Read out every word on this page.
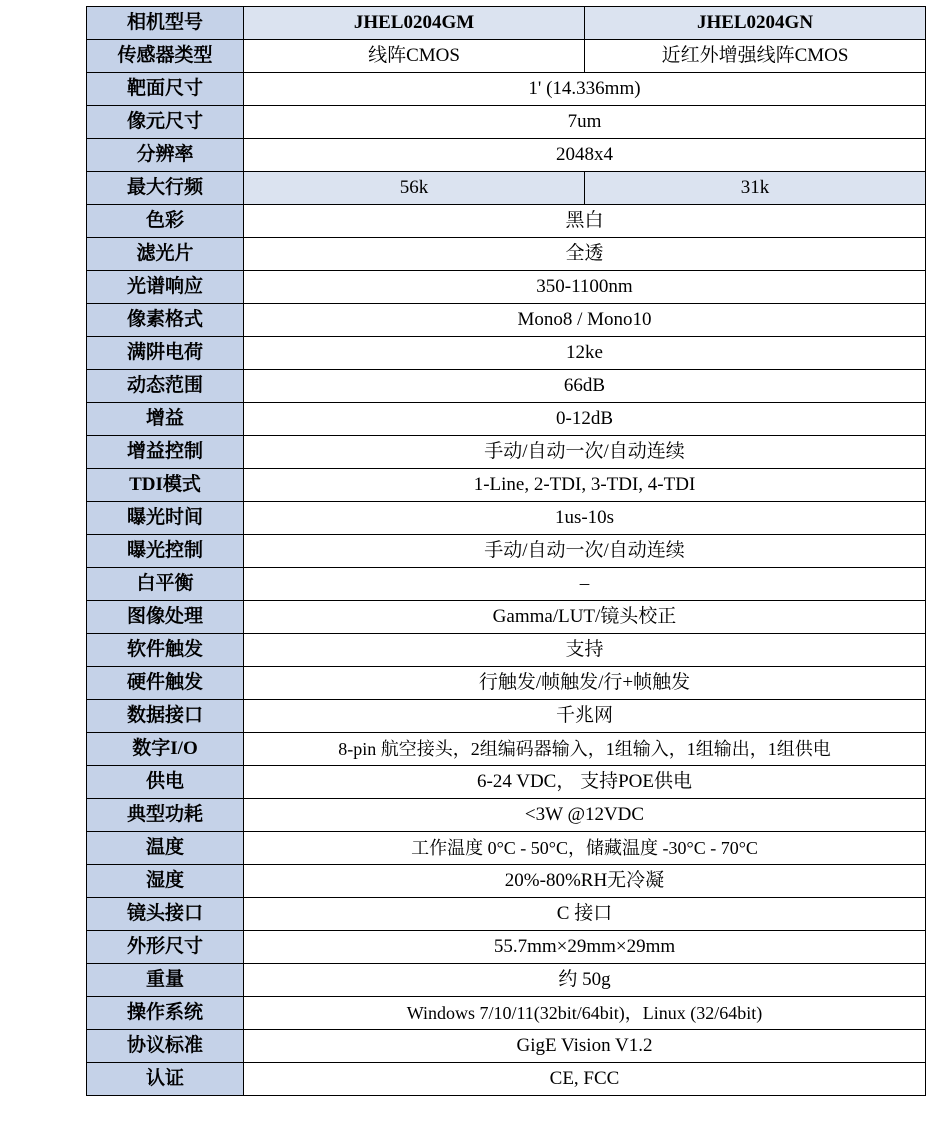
相机型号	JHEL0204GM	JHEL0204GN
传感器类型	线阵CMOS	近红外增强线阵CMOS
靶面尺寸	1' (14.336mm)	
像元尺寸	7um	
分辨率	2048x4	
最大行频	56k	31k
色彩	黑白	
滤光片	全透	
光谱响应	350-1100nm	
像素格式	Mono8 / Mono10	
满阱电荷	12ke	
动态范围	66dB	
增益	0-12dB	
增益控制	手动/自动一次/自动连续	
TDI模式	1-Line, 2-TDI, 3-TDI, 4-TDI	
曝光时间	1us-10s	
曝光控制	手动/自动一次/自动连续	
白平衡	–	
图像处理	Gamma/LUT/镜头校正	
软件触发	支持	
硬件触发	行触发/帧触发/行+帧触发	
数据接口	千兆网	
数字I/O	8-pin 航空接头，2组编码器输入，1组输入，1组输出，1组供电	
供电	6-24 VDC， 支持POE供电	
典型功耗	<3W @12VDC	
温度	工作温度 0°C - 50°C，储藏温度 -30°C - 70°C	
湿度	20%-80%RH无冷凝	
镜头接口	C 接口	
外形尺寸	55.7mm×29mm×29mm	
重量	约 50g	
操作系统	Windows 7/10/11(32bit/64bit)，Linux (32/64bit)	
协议标准	GigE Vision V1.2	
认证	CE, FCC	
